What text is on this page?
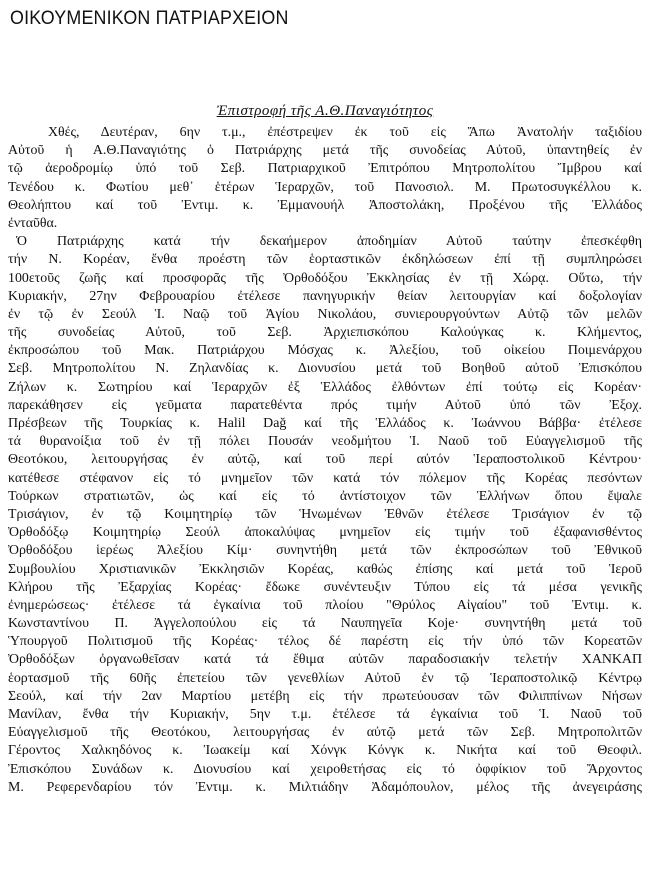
ΟΙΚΟΥΜΕΝΙΚΟΝ ΠΑΤΡΙΑΡΧΕΙΟΝ
Ἐπιστροφή τῆς Α.Θ.Παναγιότητος
Χθές, Δευτέραν, 6ην τ.μ., ἐπέστρεψεν ἐκ τοῦ εἰς Ἄπω Ἀνατολήν ταξιδίου
Αὐτοῦ ἡ Α.Θ.Παναγιότης ὁ Πατριάρχης μετά τῆς συνοδείας Αὐτοῦ, ὑπαντηθείς ἐν
τῷ ἀεροδρομίῳ ὑπό τοῦ Σεβ. Πατριαρχικοῦ Ἐπιτρόπου Μητροπολίτου Ἴμβρου καί
Τενέδου κ. Φωτίου μεθ᾽ ἑτέρων Ἱεραρχῶν, τοῦ Πανοσιολ. Μ. Πρωτοσυγκέλλου κ.
Θεολήπτου καί τοῦ Ἐντιμ. κ. Ἐμμανουήλ Ἀποστολάκη, Προξένου τῆς Ἑλλάδος
ἐνταῦθα.
Ὁ Πατριάρχης κατά τήν δεκαήμερον ἀποδημίαν Αὐτοῦ ταύτην ἐπεσκέφθη
τήν Ν. Κορέαν, ἔνθα προέστη τῶν ἑορταστικῶν ἐκδηλώσεων ἐπί τῇ συμπληρώσει
100ετοῦς ζωῆς καί προσφορᾶς τῆς Ὀρθοδόξου Ἐκκλησίας ἐν τῇ Χώρᾳ. Οὕτω, τήν
Κυριακήν, 27ην Φεβρουαρίου ἐτέλεσε πανηγυρικήν θείαν λειτουργίαν καί δοξολογίαν
ἐν τῷ ἐν Σεούλ Ἱ. Ναῷ τοῦ Ἁγίου Νικολάου, συνιερουργούντων Αὐτῷ τῶν μελῶν
τῆς συνοδείας Αὐτοῦ, τοῦ Σεβ. Ἀρχιεπισκόπου Καλούγκας κ. Κλήμεντος,
ἐκπροσώπου τοῦ Μακ. Πατριάρχου Μόσχας κ. Ἀλεξίου, τοῦ οἰκείου Ποιμενάρχου
Σεβ. Μητροπολίτου Ν. Ζηλανδίας κ. Διονυσίου μετά τοῦ Βοηθοῦ αὐτοῦ Ἐπισκόπου
Ζήλων κ. Σωτηρίου καί Ἱεραρχῶν ἐξ Ἑλλάδος ἐλθόντων ἐπί τούτῳ εἰς Κορέαν·
παρεκάθησεν εἰς γεῦματα παρατεθέντα πρός τιμήν Αὐτοῦ ὑπό τῶν Ἐξοχ.
Πρέσβεων τῆς Τουρκίας κ. Halil Dağ καί τῆς Ἑλλάδος κ. Ἰωάννου Βάββα· ἐτέλεσε
τά θυρανοίξια τοῦ ἐν τῇ πόλει Πουσάν νεοδμήτου Ἱ. Ναοῦ τοῦ Εὐαγγελισμοῦ τῆς
Θεοτόκου, λειτουργήσας ἐν αὐτῷ, καί τοῦ περί αὐτόν Ἱεραποστολικοῦ Κέντρου·
κατέθεσε στέφανον εἰς τό μνημεῖον τῶν κατά τόν πόλεμον τῆς Κορέας πεσόντων
Τούρκων στρατιωτῶν, ὡς καί εἰς τό ἀντίστοιχον τῶν Ἑλλήνων ὅπου ἔψαλε
Τρισάγιον, ἐν τῷ Κοιμητηρίῳ τῶν Ἡνωμένων Ἐθνῶν ἐτέλεσε Τρισάγιον ἐν τῷ
Ὀρθοδόξῳ Κοιμητηρίῳ Σεούλ ἀποκαλύψας μνημεῖον εἰς τιμήν τοῦ ἐξαφανισθέντος
Ὀρθοδόξου ἱερέως Ἀλεξίου Κίμ· συνηντήθη μετά τῶν ἐκπροσώπων τοῦ Ἐθνικοῦ
Συμβουλίου Χριστιανικῶν Ἐκκλησιῶν Κορέας, καθώς ἐπίσης καί μετά τοῦ Ἱεροῦ
Κλήρου τῆς Ἐξαρχίας Κορέας· ἔδωκε συνέντευξιν Τύπου εἰς τά μέσα γενικῆς
ἐνημερώσεως· ἐτέλεσε τά ἐγκαίνια τοῦ πλοίου "Θρύλος Αἰγαίου" τοῦ Ἐντιμ. κ.
Κωνσταντίνου Π. Ἀγγελοπούλου εἰς τά Ναυπηγεῖα Koje· συνηντήθη μετά τοῦ
Ὑπουργοῦ Πολιτισμοῦ τῆς Κορέας· τέλος δέ παρέστη εἰς τήν ὑπό τῶν Κορεατῶν
Ὀρθοδόξων ὀργανωθεῖσαν κατά τά ἔθιμα αὐτῶν παραδοσιακήν τελετήν ΧΑΝΚΑΠ
ἑορτασμοῦ τῆς 60ῆς ἐπετείου τῶν γενεθλίων Αὐτοῦ ἐν τῷ Ἱεραποστολικῷ Κέντρῳ
Σεούλ, καί τήν 2αν Μαρτίου μετέβη εἰς τήν πρωτεύουσαν τῶν Φιλιππίνων Νήσων
Μανίλαν, ἔνθα τήν Κυριακήν, 5ην τ.μ. ἐτέλεσε τά ἐγκαίνια τοῦ Ἱ. Ναοῦ τοῦ
Εὐαγγελισμοῦ τῆς Θεοτόκου, λειτουργήσας ἐν αὐτῷ μετά τῶν Σεβ. Μητροπολιτῶν
Γέροντος Χαλκηδόνος κ. Ἰωακείμ καί Χόνγκ Κόνγκ κ. Νικήτα καί τοῦ Θεοφιλ.
Ἐπισκόπου Συνάδων κ. Διονυσίου καί χειροθετήσας εἰς τό ὀφφίκιον τοῦ Ἄρχοντος
Μ. Ρεφερενδαρίου τόν Ἐντιμ. κ. Μιλτιάδην Ἀδαμόπουλον, μέλος τῆς ἀνεγειράσης
